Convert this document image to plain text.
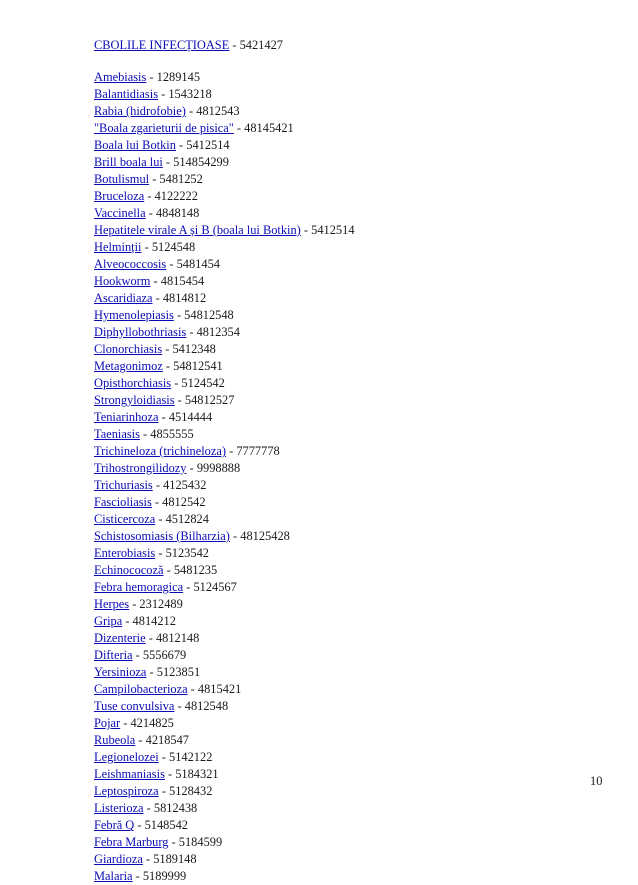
CBOLILE INFECȚIOASE - 5421427
Amebiasis - 1289145
Balantidiasis - 1543218
Rabia (hidrofobie) - 4812543
"Boala zgarieturii de pisica" - 48145421
Boala lui Botkin - 5412514
Brill boala lui - 514854299
Botulismul - 5481252
Bruceloza - 4122222
Vaccinella - 4848148
Hepatitele virale A și B (boala lui Botkin) - 5412514
Helminții - 5124548
Alveococcosis - 5481454
Hookworm - 4815454
Ascaridiaza - 4814812
Hymenolepiasis - 54812548
Diphyllobothriasis - 4812354
Clonorchiasis - 5412348
Metagonimoz - 54812541
Opisthorchiasis - 5124542
Strongyloidiasis - 54812527
Teniarinhoza - 4514444
Taeniasis - 4855555
Trichineloza (trichineloza) - 7777778
Trihostrongilidozy - 9998888
Trichuriasis - 4125432
Fascioliasis - 4812542
Cisticercoza - 4512824
Schistosomiasis (Bilharzia) - 48125428
Enterobiasis - 5123542
Echinococoză - 5481235
Febra hemoragica - 5124567
Herpes - 2312489
Gripa - 4814212
Dizenterie - 4812148
Difteria - 5556679
Yersinioza - 5123851
Campilobacterioza - 4815421
Tuse convulsiva - 4812548
Pojar - 4214825
Rubeola - 4218547
Legionelozei - 5142122
Leishmaniasis - 5184321
Leptospiroza - 5128432
Listerioza - 5812438
Febră Q - 5148542
Febra Marburg - 5184599
Giardioza - 5189148
Malaria - 5189999
10
